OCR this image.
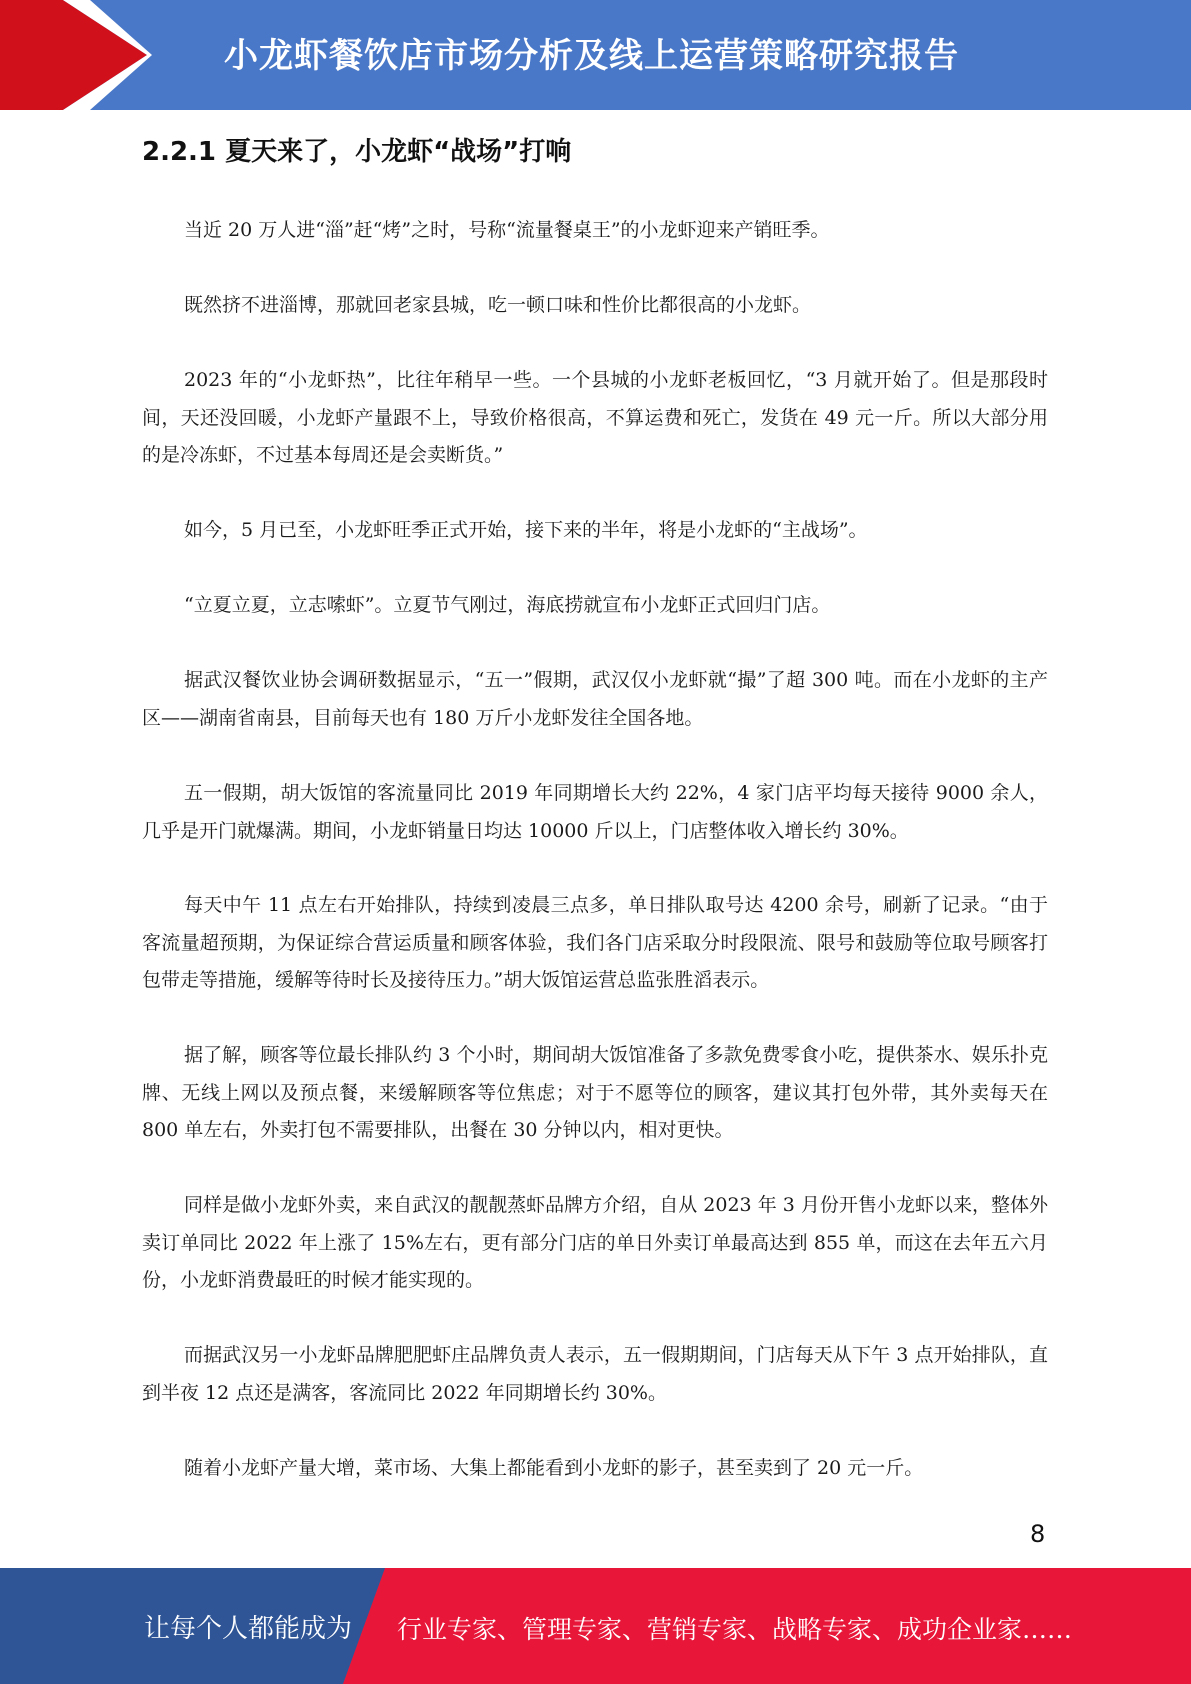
小龙虾餐饮店市场分析及线上运营策略研究报告
2.2.1 夏天来了，小龙虾“战场”打响

当近 20 万人进“淄”赶“烤”之时，号称“流量餐桌王”的小龙虾迎来产销旺季。

既然挤不进淄博，那就回老家县城，吃一顿口味和性价比都很高的小龙虾。

2023 年的“小龙虾热”，比往年稍早一些。一个县城的小龙虾老板回忆，“3 月就开始了。但是那段时间，天还没回暖，小龙虾产量跟不上，导致价格很高，不算运费和死亡，发货在 49 元一斤。所以大部分用的是冷冻虾，不过基本每周还是会卖断货。”

如今，5 月已至，小龙虾旺季正式开始，接下来的半年，将是小龙虾的“主战场”。

“立夏立夏，立志嗦虾”。立夏节气刚过，海底捞就宣布小龙虾正式回归门店。

据武汉餐饮业协会调研数据显示，“五一”假期，武汉仅小龙虾就“撮”了超 300 吨。而在小龙虾的主产区——湖南省南县，目前每天也有 180 万斤小龙虾发往全国各地。

五一假期，胡大饭馆的客流量同比 2019 年同期增长大约 22%，4 家门店平均每天接待 9000 余人，几乎是开门就爆满。期间，小龙虾销量日均达 10000 斤以上，门店整体收入增长约 30%。

每天中午 11 点左右开始排队，持续到凌晨三点多，单日排队取号达 4200 余号，刷新了记录。“由于客流量超预期，为保证综合营运质量和顾客体验，我们各门店采取分时段限流、限号和鼓励等位取号顾客打包带走等措施，缓解等待时长及接待压力。”胡大饭馆运营总监张胜滔表示。

据了解，顾客等位最长排队约 3 个小时，期间胡大饭馆准备了多款免费零食小吃，提供茶水、娱乐扑克牌、无线上网以及预点餐，来缓解顾客等位焦虑；对于不愿等位的顾客，建议其打包外带，其外卖每天在 800 单左右，外卖打包不需要排队，出餐在 30 分钟以内，相对更快。

同样是做小龙虾外卖，来自武汉的靓靓蒸虾品牌方介绍，自从 2023 年 3 月份开售小龙虾以来，整体外卖订单同比 2022 年上涨了 15%左右，更有部分门店的单日外卖订单最高达到 855 单，而这在去年五六月份，小龙虾消费最旺的时候才能实现的。

而据武汉另一小龙虾品牌肥肥虾庄品牌负责人表示，五一假期期间，门店每天从下午 3 点开始排队，直到半夜 12 点还是满客，客流同比 2022 年同期增长约 30%。

随着小龙虾产量大增，菜市场、大集上都能看到小龙虾的影子，甚至卖到了 20 元一斤。

8
让每个人都能成为 行业专家、管理专家、营销专家、战略专家、成功企业家……
